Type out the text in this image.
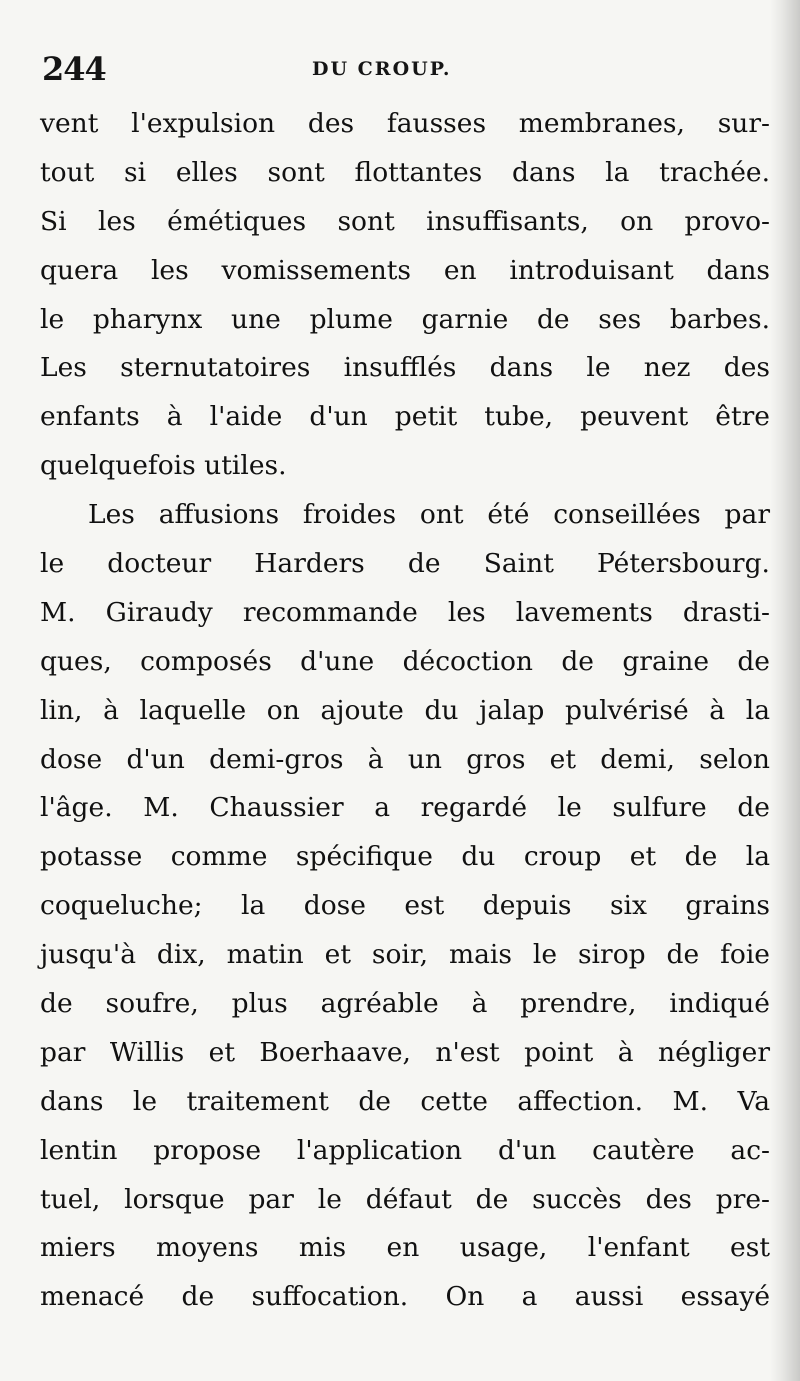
244	DU CROUP.
vent l'expulsion des fausses membranes, sur-
tout si elles sont flottantes dans la trachée.
Si les émétiques sont insuffisants, on provo-
quera les vomissements en introduisant dans
le pharynx une plume garnie de ses barbes.
Les sternutatoires insufflés dans le nez des
enfants à l'aide d'un petit tube, peuvent être
quelquefois utiles.
Les affusions froides ont été conseillées par
le docteur Harders de Saint Pétersbourg.
M. Giraudy recommande les lavements drasti-
ques, composés d'une décoction de graine de
lin, à laquelle on ajoute du jalap pulvérisé à la
dose d'un demi-gros à un gros et demi, selon
l'âge. M. Chaussier a regardé le sulfure de
potasse comme spécifique du croup et de la
coqueluche; la dose est depuis six grains
jusqu'à dix, matin et soir, mais le sirop de foie
de soufre, plus agréable à prendre, indiqué
par Willis et Boerhaave, n'est point à négliger
dans le traitement de cette affection. M. Va
lentin propose l'application d'un cautère ac-
tuel, lorsque par le défaut de succès des pre-
miers moyens mis en usage, l'enfant est
menacé de suffocation. On a aussi essayé
